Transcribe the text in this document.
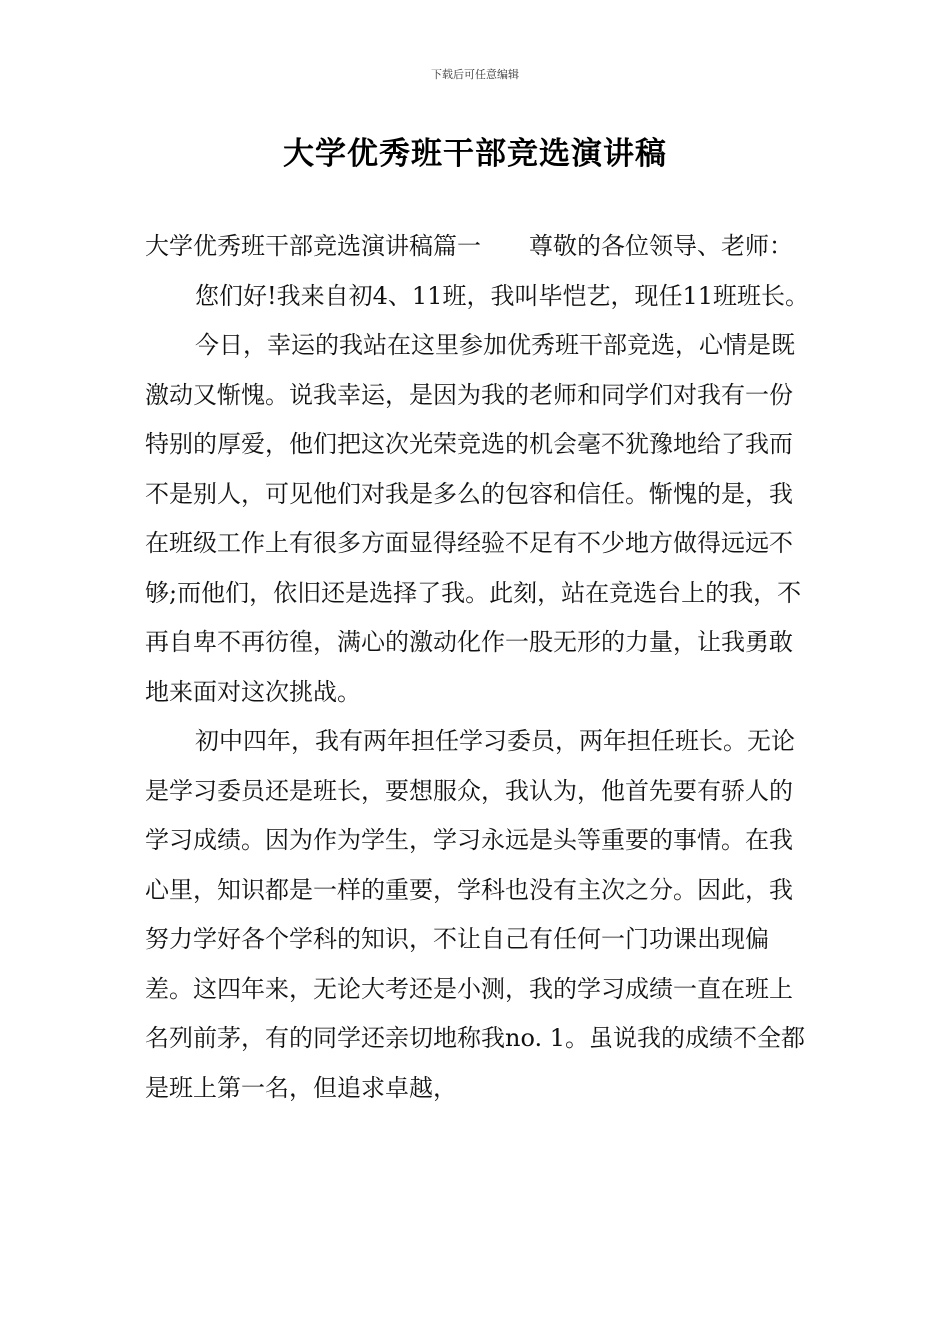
下载后可任意编辑
大学优秀班干部竞选演讲稿

大学优秀班干部竞选演讲稿篇一 尊敬的各位领导、老师：

您们好!我来自初4、11班，我叫毕恺艺，现任11班班长。

今日，幸运的我站在这里参加优秀班干部竞选，心情是既激动又惭愧。说我幸运，是因为我的老师和同学们对我有一份特别的厚爱，他们把这次光荣竞选的机会毫不犹豫地给了我而不是别人，可见他们对我是多么的包容和信任。惭愧的是，我在班级工作上有很多方面显得经验不足有不少地方做得远远不够;而他们，依旧还是选择了我。此刻，站在竞选台上的我，不再自卑不再彷徨，满心的激动化作一股无形的力量，让我勇敢地来面对这次挑战。

初中四年，我有两年担任学习委员，两年担任班长。无论是学习委员还是班长，要想服众，我认为，他首先要有骄人的学习成绩。因为作为学生，学习永远是头等重要的事情。在我心里，知识都是一样的重要，学科也没有主次之分。因此，我努力学好各个学科的知识，不让自己有任何一门功课出现偏差。这四年来，无论大考还是小测，我的学习成绩一直在班上名列前茅，有的同学还亲切地称我no. 1。虽说我的成绩不全都是班上第一名，但追求卓越，
